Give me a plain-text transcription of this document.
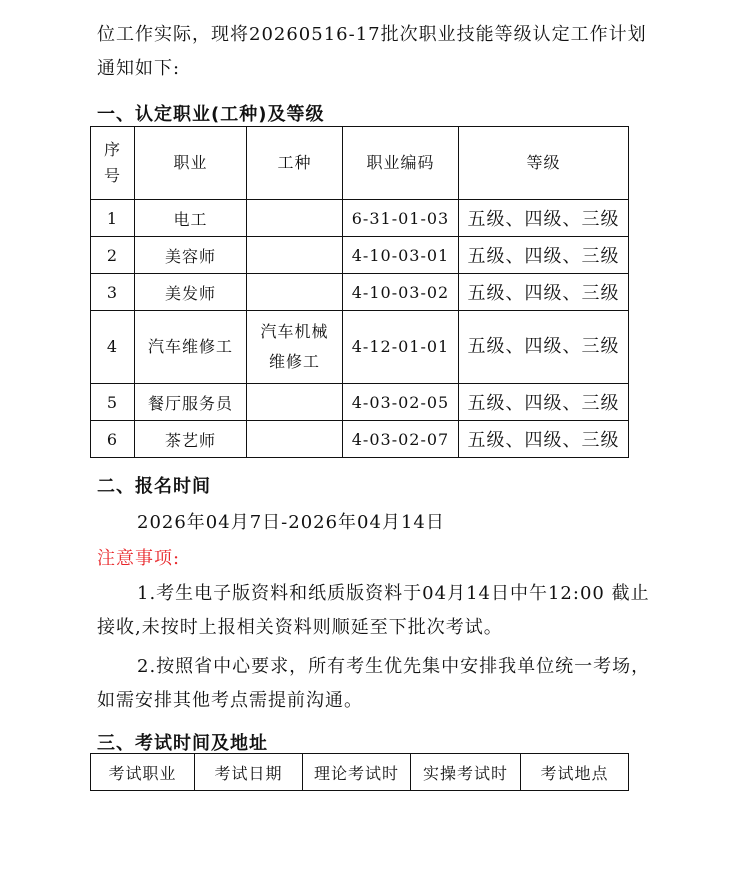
位工作实际，现将20260516-17批次职业技能等级认定工作计划
通知如下:
一、认定职业(工种)及等级
序
号	职业	工种	职业编码	等级
1	电工		6-31-01-03	五级、四级、三级
2	美容师		4-10-03-01	五级、四级、三级
3	美发师		4-10-03-02	五级、四级、三级
4	汽车维修工	汽车机械
维修工	4-12-01-01	五级、四级、三级
5	餐厅服务员		4-03-02-05	五级、四级、三级
6	茶艺师		4-03-02-07	五级、四级、三级
二、报名时间
2026年04月7日-2026年04月14日
注意事项:
1.考生电子版资料和纸质版资料于04月14日中午12:00 截止接收,未按时上报相关资料则顺延至下批次考试。
2.按照省中心要求，所有考生优先集中安排我单位统一考场，如需安排其他考点需提前沟通。
三、考试时间及地址
考试职业	考试日期	理论考试时	实操考试时	考试地点
